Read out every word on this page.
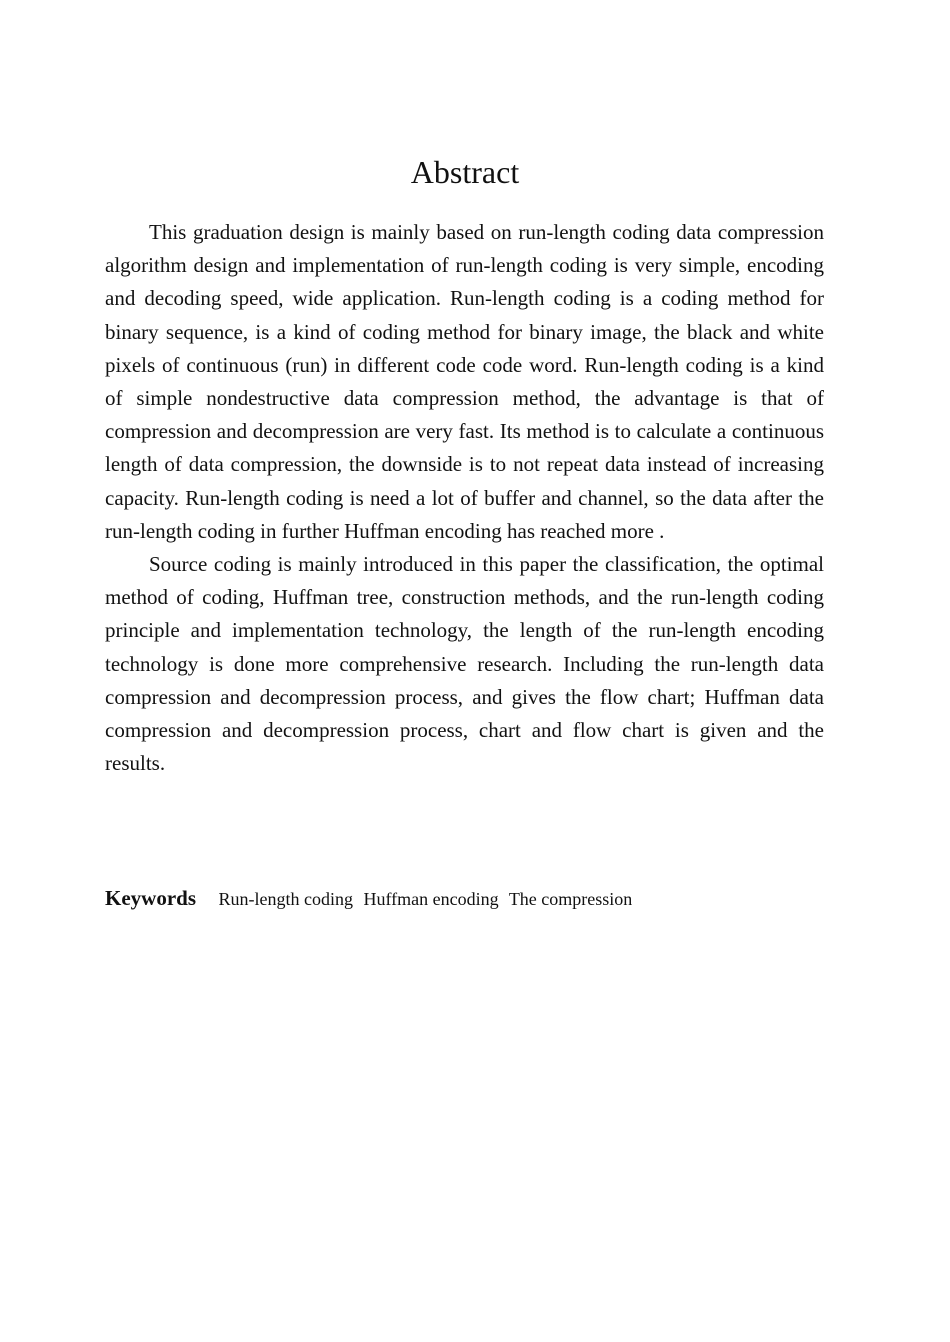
Abstract

This graduation design is mainly based on run-length coding data compression algorithm design and implementation of run-length coding is very simple, encoding and decoding speed, wide application. Run-length coding is a coding method for binary sequence, is a kind of coding method for binary image, the black and white pixels of continuous (run) in different code code word. Run-length coding is a kind of simple nondestructive data compression method, the advantage is that of compression and decompression are very fast. Its method is to calculate a continuous length of data compression, the downside is to not repeat data instead of increasing capacity. Run-length coding is need a lot of buffer and channel, so the data after the run-length coding in further Huffman encoding has reached more .

Source coding is mainly introduced in this paper the classification, the optimal method of coding, Huffman tree, construction methods, and the run-length coding principle and implementation technology, the length of the run-length encoding technology is done more comprehensive research. Including the run-length data compression and decompression process, and gives the flow chart; Huffman data compression and decompression process, chart and flow chart is given and the results.

Keywords Run-length coding Huffman encoding The compression
